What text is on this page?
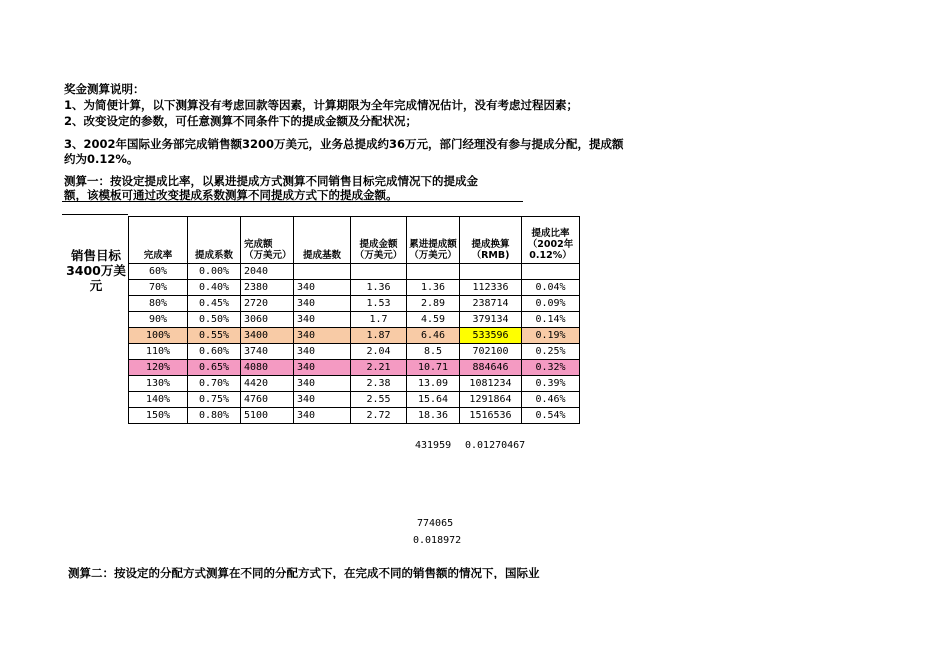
奖金测算说明：
1、为简便计算，以下测算没有考虑回款等因素，计算期限为全年完成情况估计，没有考虑过程因素；
2、改变设定的参数，可任意测算不同条件下的提成金额及分配状况；
3、2002年国际业务部完成销售额3200万美元，业务总提成约36万元，部门经理没有参与提成分配，提成额
约为0.12%。
测算一：按设定提成比率，以累进提成方式测算不同销售目标完成情况下的提成金
额，该模板可通过改变提成系数测算不同提成方式下的提成金额。
销售目标
3400万美
元
完成率	提成系数	完成额（万美元）	提成基数	提成金额（万美元）	累进提成额（万美元）	提成换算（RMB)	提成比率（2002年0.12%）
60%	0.00%	2040					
70%	0.40%	2380	340	1.36	1.36	112336	0.04%
80%	0.45%	2720	340	1.53	2.89	238714	0.09%
90%	0.50%	3060	340	1.7	4.59	379134	0.14%
100%	0.55%	3400	340	1.87	6.46	533596	0.19%
110%	0.60%	3740	340	2.04	8.5	702100	0.25%
120%	0.65%	4080	340	2.21	10.71	884646	0.32%
130%	0.70%	4420	340	2.38	13.09	1081234	0.39%
140%	0.75%	4760	340	2.55	15.64	1291864	0.46%
150%	0.80%	5100	340	2.72	18.36	1516536	0.54%
431959 0.01270467
774065
0.018972
测算二：按设定的分配方式测算在不同的分配方式下，在完成不同的销售额的情况下，国际业
